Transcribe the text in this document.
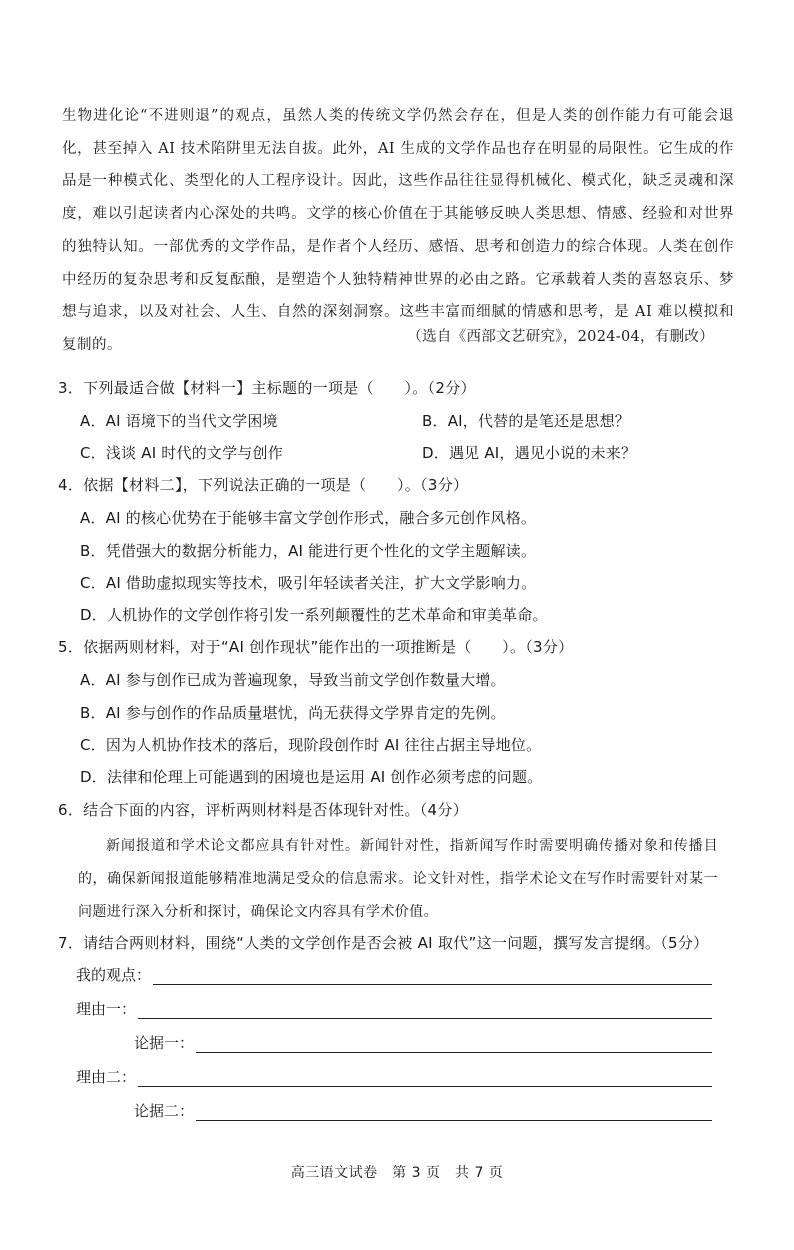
生物进化论“不进则退”的观点，虽然人类的传统文学仍然会存在，但是人类的创作能力有可能会退化，甚至掉入 AI 技术陷阱里无法自拔。此外，AI 生成的文学作品也存在明显的局限性。它生成的作品是一种模式化、类型化的人工程序设计。因此，这些作品往往显得机械化、模式化，缺乏灵魂和深度，难以引起读者内心深处的共鸣。文学的核心价值在于其能够反映人类思想、情感、经验和对世界的独特认知。一部优秀的文学作品，是作者个人经历、感悟、思考和创造力的综合体现。人类在创作中经历的复杂思考和反复酝酿，是塑造个人独特精神世界的必由之路。它承载着人类的喜怒哀乐、梦想与追求，以及对社会、人生、自然的深刻洞察。这些丰富而细腻的情感和思考，是 AI 难以模拟和复制的。	（选自《西部文艺研究》，2024-04，有删改）
3．下列最适合做【材料一】主标题的一项是（　　）。（2分）
A．AI 语境下的当代文学困境	B．AI，代替的是笔还是思想？
C．浅谈 AI 时代的文学与创作	D．遇见 AI，遇见小说的未来？
4．依据【材料二】，下列说法正确的一项是（　　）。（3分）
A．AI 的核心优势在于能够丰富文学创作形式，融合多元创作风格。
B．凭借强大的数据分析能力，AI 能进行更个性化的文学主题解读。
C．AI 借助虚拟现实等技术，吸引年轻读者关注，扩大文学影响力。
D．人机协作的文学创作将引发一系列颠覆性的艺术革命和审美革命。
5．依据两则材料，对于“AI 创作现状”能作出的一项推断是（　　）。（3分）
A．AI 参与创作已成为普遍现象，导致当前文学创作数量大增。
B．AI 参与创作的作品质量堪忧，尚无获得文学界肯定的先例。
C．因为人机协作技术的落后，现阶段创作时 AI 往往占据主导地位。
D．法律和伦理上可能遇到的困境也是运用 AI 创作必须考虑的问题。
6．结合下面的内容，评析两则材料是否体现针对性。（4分）

新闻报道和学术论文都应具有针对性。新闻针对性，指新闻写作时需要明确传播对象和传播目的，确保新闻报道能够精准地满足受众的信息需求。论文针对性，指学术论文在写作时需要针对某一问题进行深入分析和探讨，确保论文内容具有学术价值。

7．请结合两则材料，围绕“人类的文学创作是否会被 AI 取代”这一问题，撰写发言提纲。（5分）
我的观点：
理由一：
论据一：
理由二：
论据二：
高三语文试卷　第 3 页　共 7 页
